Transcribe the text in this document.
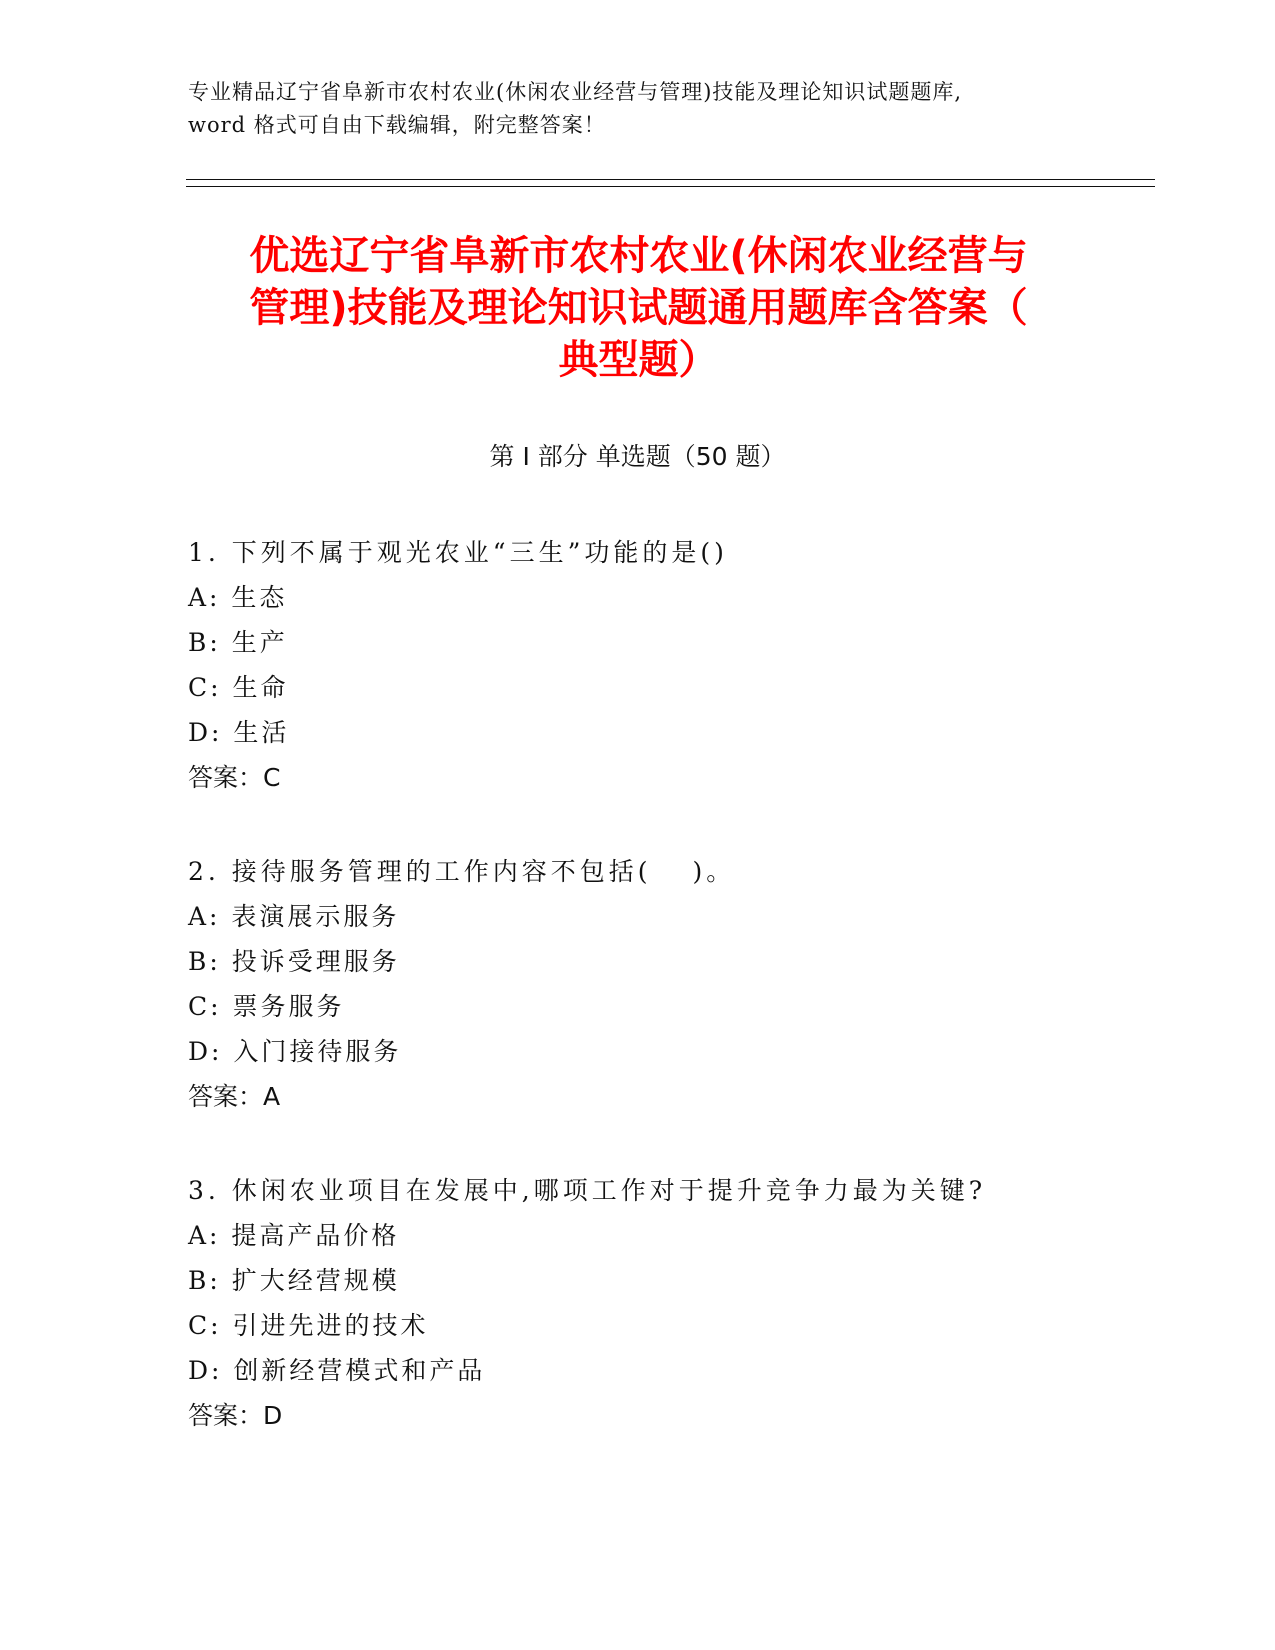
专业精品辽宁省阜新市农村农业(休闲农业经营与管理)技能及理论知识试题题库,
word 格式可自由下载编辑，附完整答案！
优选辽宁省阜新市农村农业(休闲农业经营与
管理)技能及理论知识试题通用题库含答案（
典型题）
第 I 部分 单选题（50 题）
1. 下列不属于观光农业“三生”功能的是()
A: 生态
B: 生产
C: 生命
D: 生活
答案：C
2. 接待服务管理的工作内容不包括(　 )。
A: 表演展示服务
B: 投诉受理服务
C: 票务服务
D: 入门接待服务
答案：A
3. 休闲农业项目在发展中,哪项工作对于提升竞争力最为关键?
A: 提高产品价格
B: 扩大经营规模
C: 引进先进的技术
D: 创新经营模式和产品
答案：D
